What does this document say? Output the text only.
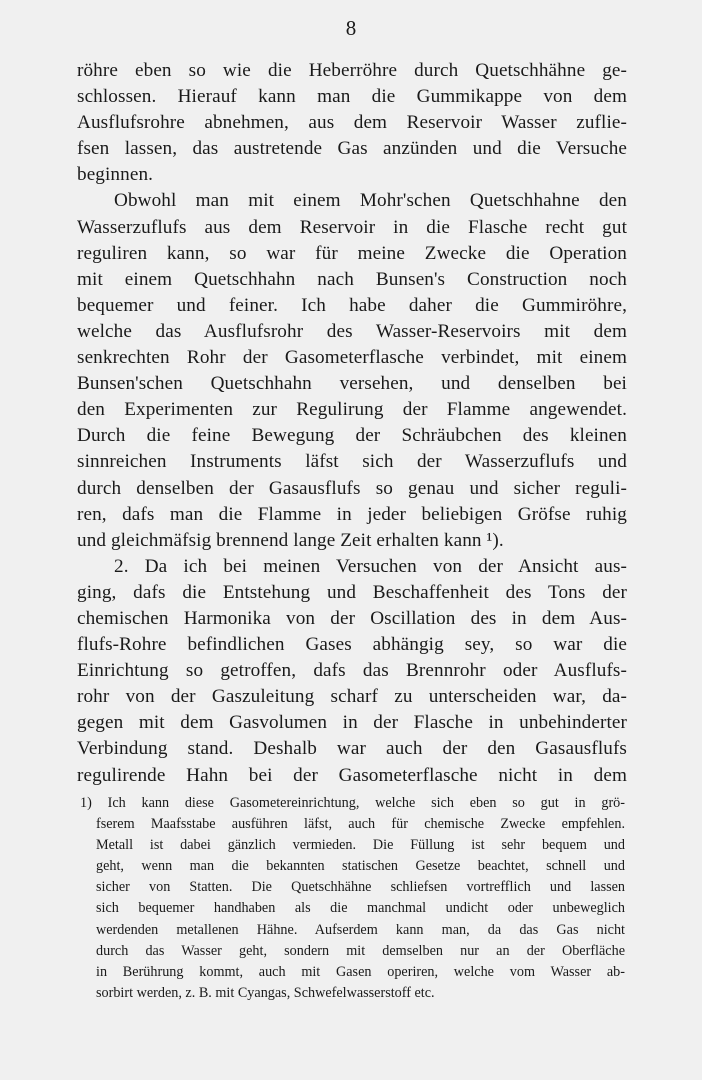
8
röhre eben so wie die Heberröhre durch Quetschhähne ge-
schlossen. Hierauf kann man die Gummikappe von dem
Ausflufsrohre abnehmen, aus dem Reservoir Wasser zuflie-
fsen lassen, das austretende Gas anzünden und die Versuche
beginnen.
Obwohl man mit einem Mohr'schen Quetschhahne den
Wasserzuflufs aus dem Reservoir in die Flasche recht gut
reguliren kann, so war für meine Zwecke die Operation
mit einem Quetschhahn nach Bunsen's Construction noch
bequemer und feiner. Ich habe daher die Gummiröhre,
welche das Ausflufsrohr des Wasser-Reservoirs mit dem
senkrechten Rohr der Gasometerflasche verbindet, mit einem
Bunsen'schen Quetschhahn versehen, und denselben bei
den Experimenten zur Regulirung der Flamme angewendet.
Durch die feine Bewegung der Schräubchen des kleinen
sinnreichen Instruments läfst sich der Wasserzuflufs und
durch denselben der Gasausflufs so genau und sicher reguli-
ren, dafs man die Flamme in jeder beliebigen Gröfse ruhig
und gleichmäfsig brennend lange Zeit erhalten kann ¹).
2. Da ich bei meinen Versuchen von der Ansicht aus-
ging, dafs die Entstehung und Beschaffenheit des Tons der
chemischen Harmonika von der Oscillation des in dem Aus-
flufs-Rohre befindlichen Gases abhängig sey, so war die
Einrichtung so getroffen, dafs das Brennrohr oder Ausflufs-
rohr von der Gaszuleitung scharf zu unterscheiden war, da-
gegen mit dem Gasvolumen in der Flasche in unbehinderter
Verbindung stand. Deshalb war auch der den Gasausflufs
regulirende Hahn bei der Gasometerflasche nicht in dem
1) Ich kann diese Gasometereinrichtung, welche sich eben so gut in grö-
fserem Maafsstabe ausführen läfst, auch für chemische Zwecke empfehlen.
Metall ist dabei gänzlich vermieden. Die Füllung ist sehr bequem und
geht, wenn man die bekannten statischen Gesetze beachtet, schnell und
sicher von Statten. Die Quetschhähne schliefsen vortrefflich und lassen
sich bequemer handhaben als die manchmal undicht oder unbeweglich
werdenden metallenen Hähne. Aufserdem kann man, da das Gas nicht
durch das Wasser geht, sondern mit demselben nur an der Oberfläche
in Berührung kommt, auch mit Gasen operiren, welche vom Wasser ab-
sorbirt werden, z. B. mit Cyangas, Schwefelwasserstoff etc.
